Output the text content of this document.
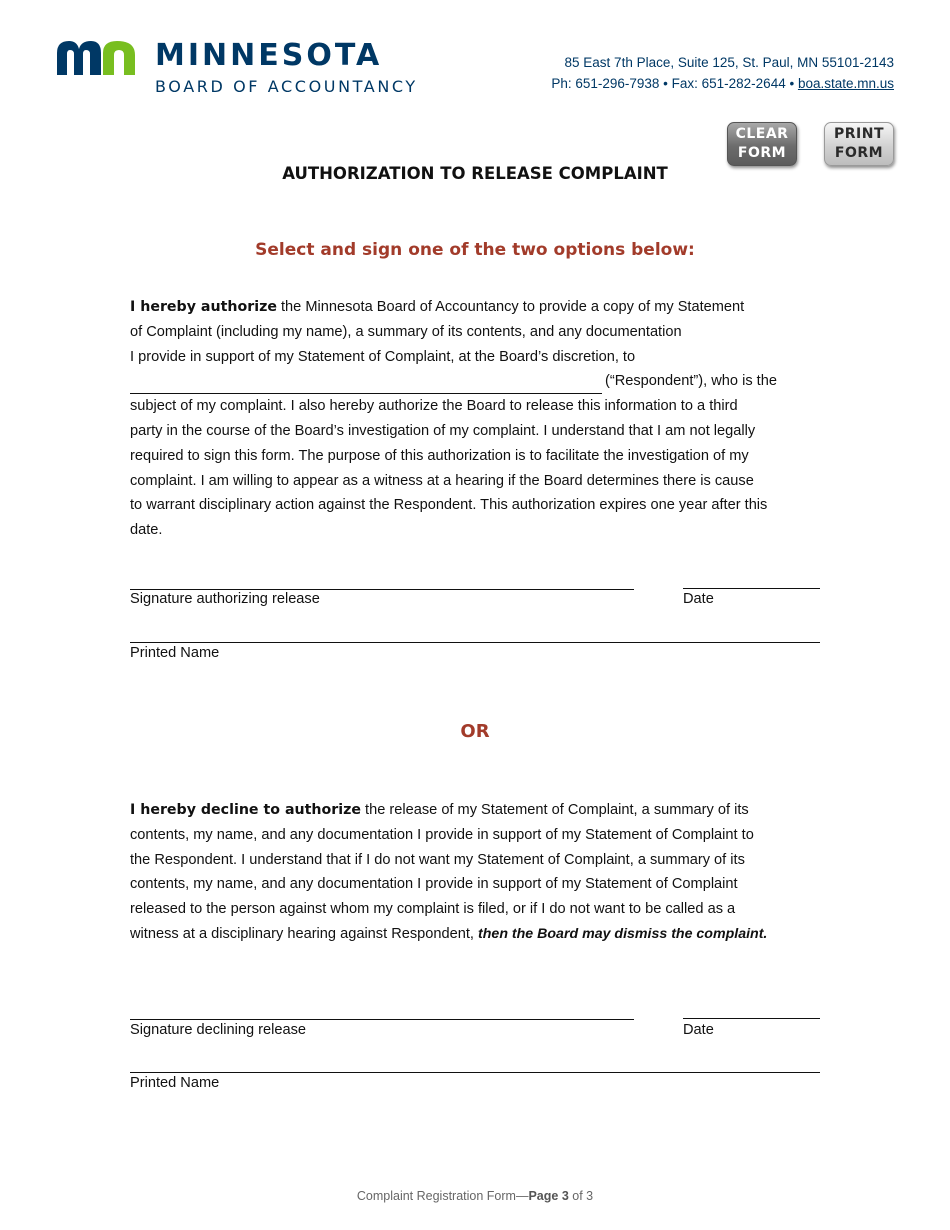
MINNESOTA
BOARD OF ACCOUNTANCY
85 East 7th Place, Suite 125, St. Paul, MN 55101-2143
Ph: 651-296-7938 • Fax: 651-282-2644 • boa.state.mn.us
CLEAR
FORM
PRINT
FORM
AUTHORIZATION TO RELEASE COMPLAINT
Select and sign one of the two options below:
I hereby authorize the Minnesota Board of Accountancy to provide a copy of my Statement
of Complaint (including my name), a summary of its contents, and any documentation
I provide in support of my Statement of Complaint, at the Board’s discretion, to
(“Respondent”), who is the
subject of my complaint. I also hereby authorize the Board to release this information to a third
party in the course of the Board’s investigation of my complaint. I understand that I am not legally
required to sign this form. The purpose of this authorization is to facilitate the investigation of my
complaint. I am willing to appear as a witness at a hearing if the Board determines there is cause
to warrant disciplinary action against the Respondent. This authorization expires one year after this
date.
Signature authorizing release	Date
Printed Name
OR
I hereby decline to authorize the release of my Statement of Complaint, a summary of its
contents, my name, and any documentation I provide in support of my Statement of Complaint to
the Respondent. I understand that if I do not want my Statement of Complaint, a summary of its
contents, my name, and any documentation I provide in support of my Statement of Complaint
released to the person against whom my complaint is filed, or if I do not want to be called as a
witness at a disciplinary hearing against Respondent, then the Board may dismiss the complaint.
Signature declining release	Date
Printed Name
Complaint Registration Form—Page 3 of 3
